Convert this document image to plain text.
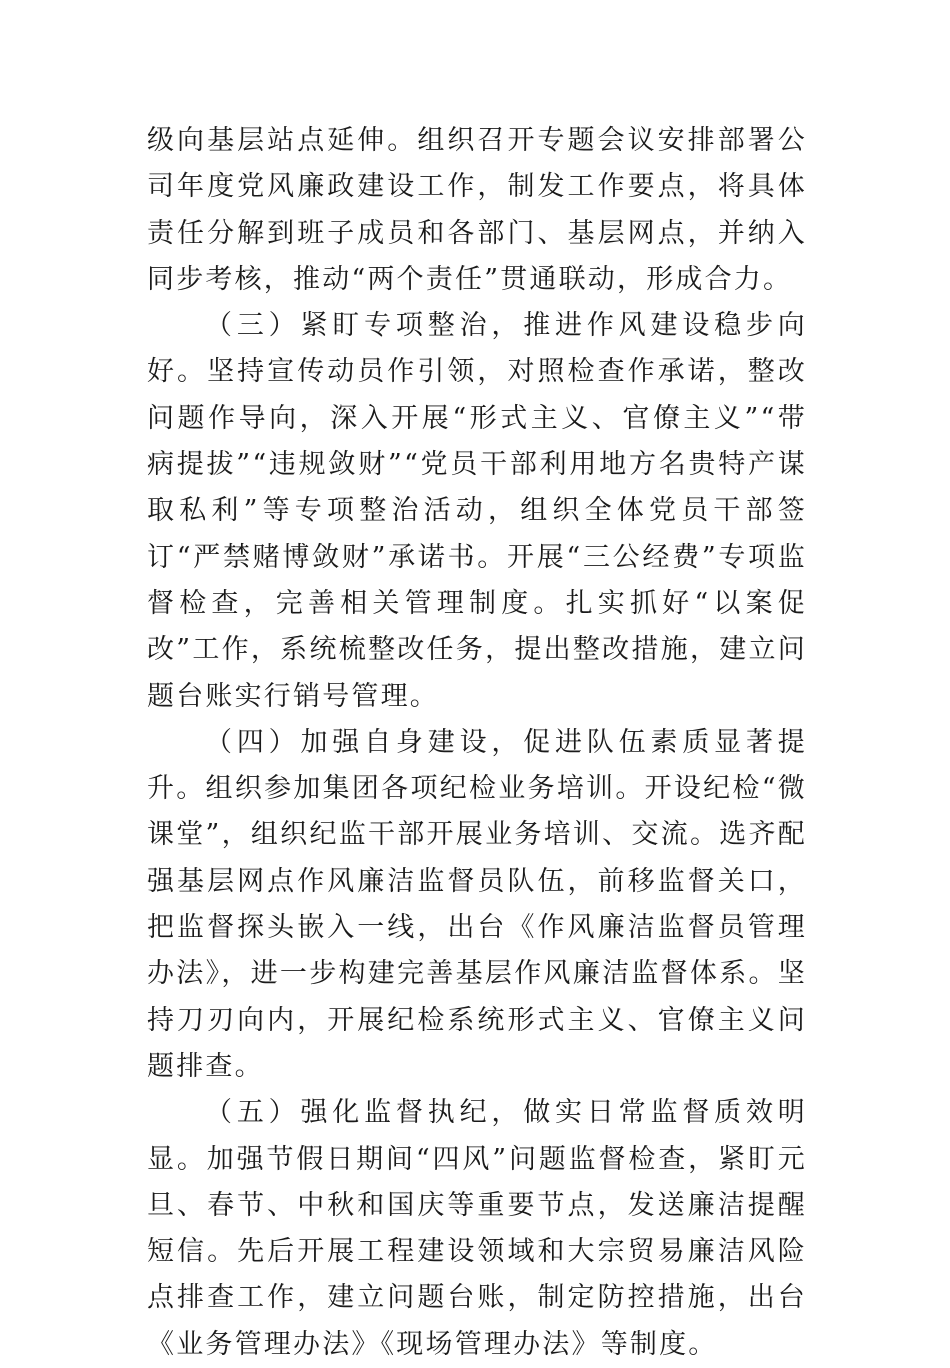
级向基层站点延伸。组织召开专题会议安排部署公司年度党风廉政建设工作，制发工作要点，将具体责任分解到班子成员和各部门、基层网点，并纳入同步考核，推动“两个责任”贯通联动，形成合力。

（三）紧盯专项整治，推进作风建设稳步向好。坚持宣传动员作引领，对照检查作承诺，整改问题作导向，深入开展“形式主义、官僚主义”“带病提拔”“违规敛财”“党员干部利用地方名贵特产谋取私利”等专项整治活动，组织全体党员干部签订“严禁赌博敛财”承诺书。开展“三公经费”专项监督检查，完善相关管理制度。扎实抓好“以案促改”工作，系统梳整改任务，提出整改措施，建立问题台账实行销号管理。

（四）加强自身建设，促进队伍素质显著提升。组织参加集团各项纪检业务培训。开设纪检“微课堂”，组织纪监干部开展业务培训、交流。选齐配强基层网点作风廉洁监督员队伍，前移监督关口，把监督探头嵌入一线，出台《作风廉洁监督员管理办法》，进一步构建完善基层作风廉洁监督体系。坚持刀刃向内，开展纪检系统形式主义、官僚主义问题排查。

（五）强化监督执纪，做实日常监督质效明显。加强节假日期间“四风”问题监督检查，紧盯元旦、春节、中秋和国庆等重要节点，发送廉洁提醒短信。先后开展工程建设领域和大宗贸易廉洁风险点排查工作，建立问题台账，制定防控措施，出台《业务管理办法》《现场管理办法》等制度。
